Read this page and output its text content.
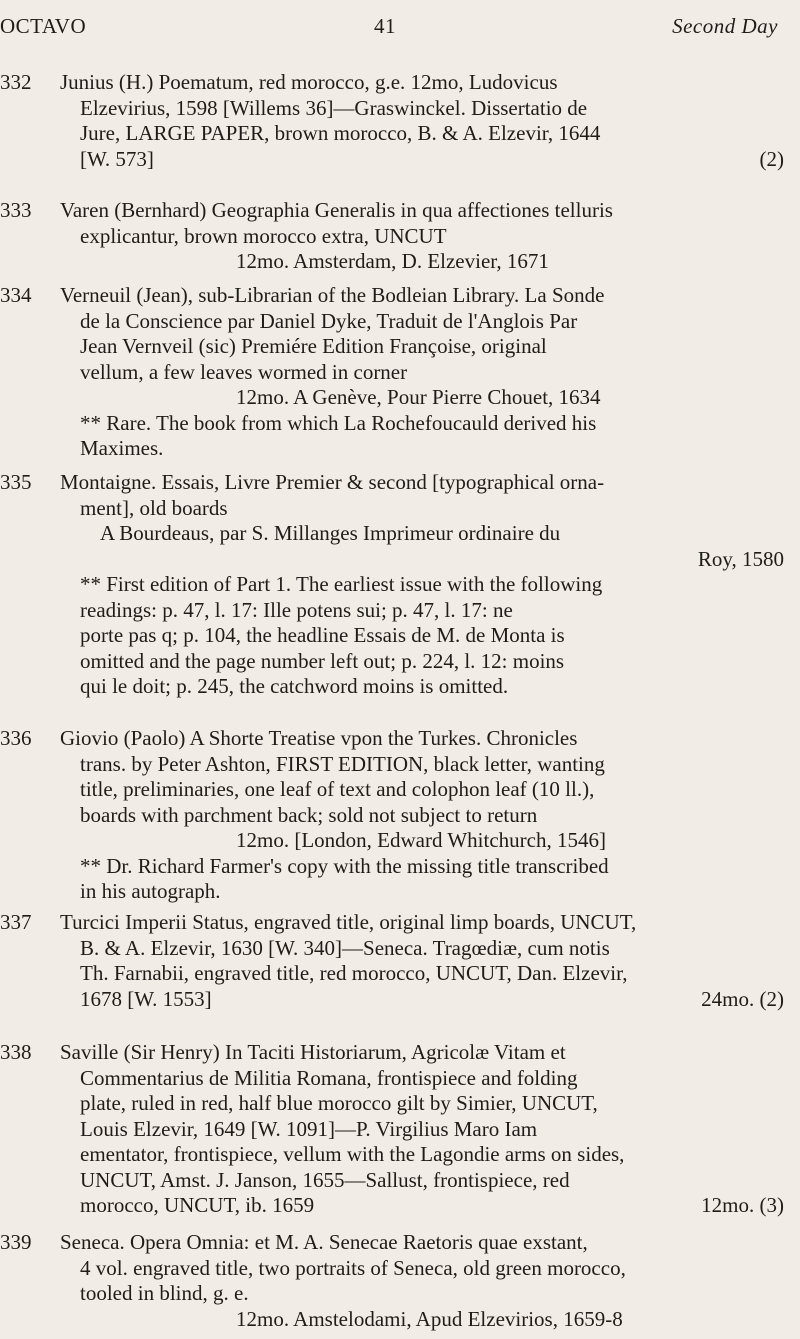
OCTAVO	41	Second Day
332 Junius (H.) Poematum, red morocco, g.e. 12mo, Ludovicus
Elzevirius, 1598 [Willems 36]—Graswinckel. Dissertatio de
Jure, LARGE PAPER, brown morocco, B. & A. Elzevir, 1644
[W. 573]	(2)
333 Varen (Bernhard) Geographia Generalis in qua affectiones telluris
explicantur, brown morocco extra, UNCUT
12mo. Amsterdam, D. Elzevier, 1671
334 Verneuil (Jean), sub-Librarian of the Bodleian Library. La Sonde
de la Conscience par Daniel Dyke, Traduit de l'Anglois Par
Jean Vernveil (sic) Premiére Edition Françoise, original
vellum, a few leaves wormed in corner
12mo. A Genève, Pour Pierre Chouet, 1634
** Rare. The book from which La Rochefoucauld derived his
Maximes.
335 Montaigne. Essais, Livre Premier & second [typographical orna-
ment], old boards
A Bourdeaus, par S. Millanges Imprimeur ordinaire du
Roy, 1580
** First edition of Part 1. The earliest issue with the following
readings: p. 47, l. 17: Ille potens sui; p. 47, l. 17: ne
porte pas q; p. 104, the headline Essais de M. de Monta is
omitted and the page number left out; p. 224, l. 12: moins
qui le doit; p. 245, the catchword moins is omitted.
336 Giovio (Paolo) A Shorte Treatise vpon the Turkes. Chronicles
trans. by Peter Ashton, FIRST EDITION, black letter, wanting
title, preliminaries, one leaf of text and colophon leaf (10 ll.),
boards with parchment back; sold not subject to return
12mo. [London, Edward Whitchurch, 1546]
** Dr. Richard Farmer's copy with the missing title transcribed
in his autograph.
337 Turcici Imperii Status, engraved title, original limp boards, UNCUT,
B. & A. Elzevir, 1630 [W. 340]—Seneca. Tragœdiæ, cum notis
Th. Farnabii, engraved title, red morocco, UNCUT, Dan. Elzevir,
1678 [W. 1553]	24mo. (2)
338 Saville (Sir Henry) In Taciti Historiarum, Agricolæ Vitam et
Commentarius de Militia Romana, frontispiece and folding
plate, ruled in red, half blue morocco gilt by Simier, UNCUT,
Louis Elzevir, 1649 [W. 1091]—P. Virgilius Maro Iam
ementator, frontispiece, vellum with the Lagondie arms on sides,
UNCUT, Amst. J. Janson, 1655—Sallust, frontispiece, red
morocco, UNCUT, ib. 1659	12mo. (3)
339 Seneca. Opera Omnia: et M. A. Senecae Raetoris quae exstant,
4 vol. engraved title, two portraits of Seneca, old green morocco,
tooled in blind, g. e.
12mo. Amstelodami, Apud Elzevirios, 1659-8
